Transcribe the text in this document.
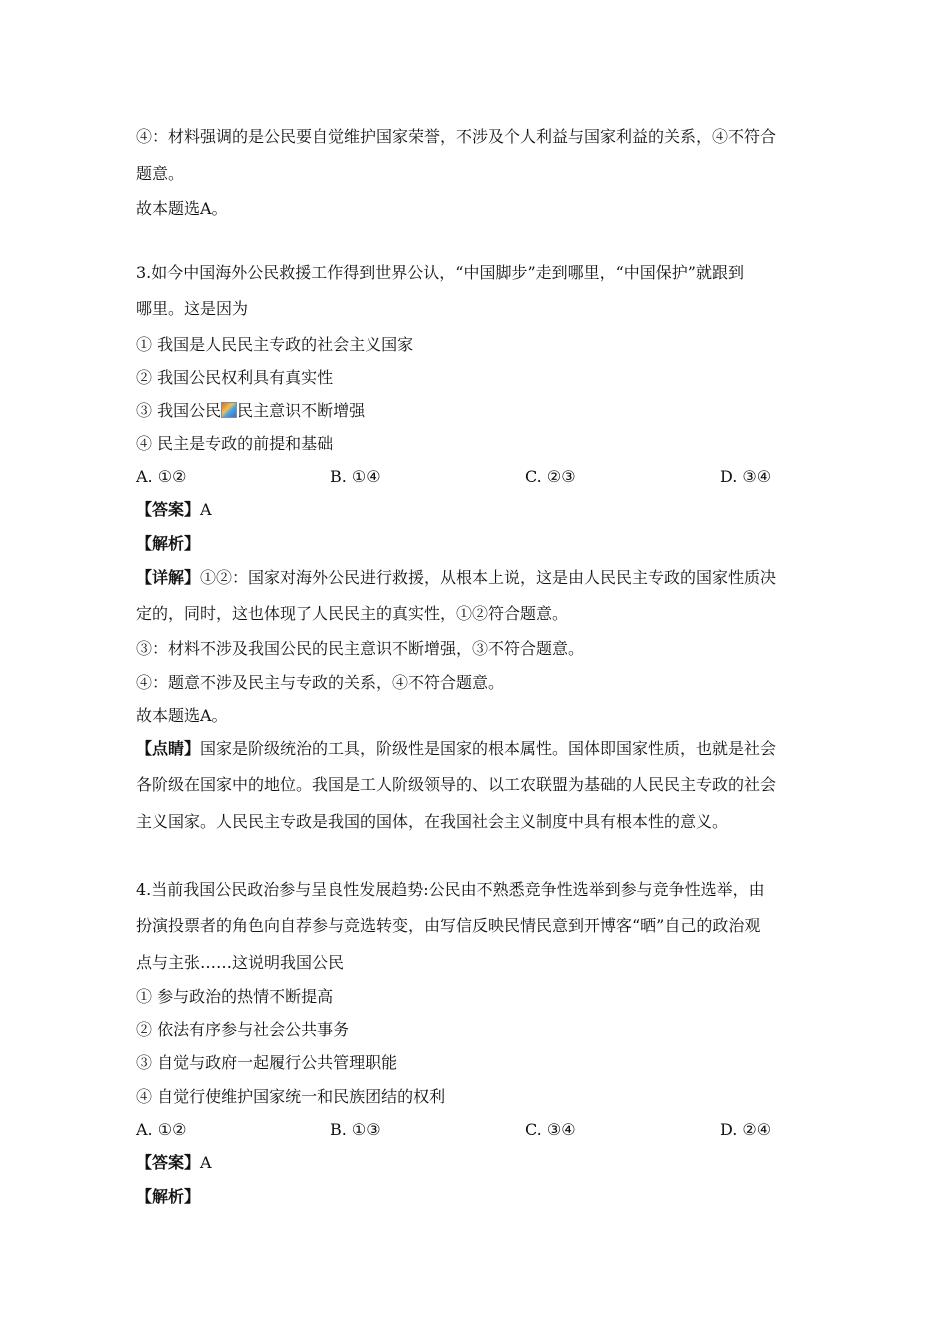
④：材料强调的是公民要自觉维护国家荣誉，不涉及个人利益与国家利益的关系，④不符合
题意。
故本题选A。
3.如今中国海外公民救援工作得到世界公认，“中国脚步”走到哪里，“中国保护”就跟到
哪里。这是因为
① 我国是人民民主专政的社会主义国家
② 我国公民权利具有真实性
③ 我国公民 民主意识不断增强
④ 民主是专政的前提和基础
A. ①②	B. ①④	C. ②③	D. ③④
【答案】A
【解析】
【详解】①②：国家对海外公民进行救援，从根本上说，这是由人民民主专政的国家性质决
定的，同时，这也体现了人民民主的真实性，①②符合题意。
③：材料不涉及我国公民的民主意识不断增强，③不符合题意。
④：题意不涉及民主与专政的关系，④不符合题意。
故本题选A。
【点睛】国家是阶级统治的工具，阶级性是国家的根本属性。国体即国家性质，也就是社会
各阶级在国家中的地位。我国是工人阶级领导的、以工农联盟为基础的人民民主专政的社会
主义国家。人民民主专政是我国的国体，在我国社会主义制度中具有根本性的意义。
4.当前我国公民政治参与呈良性发展趋势:公民由不熟悉竞争性选举到参与竞争性选举，由
扮演投票者的角色向自荐参与竞选转变，由写信反映民情民意到开博客“晒”自己的政治观
点与主张……这说明我国公民
① 参与政治的热情不断提高
② 依法有序参与社会公共事务
③ 自觉与政府一起履行公共管理职能
④ 自觉行使维护国家统一和民族团结的权利
A. ①②	B. ①③	C. ③④	D. ②④
【答案】A
【解析】
